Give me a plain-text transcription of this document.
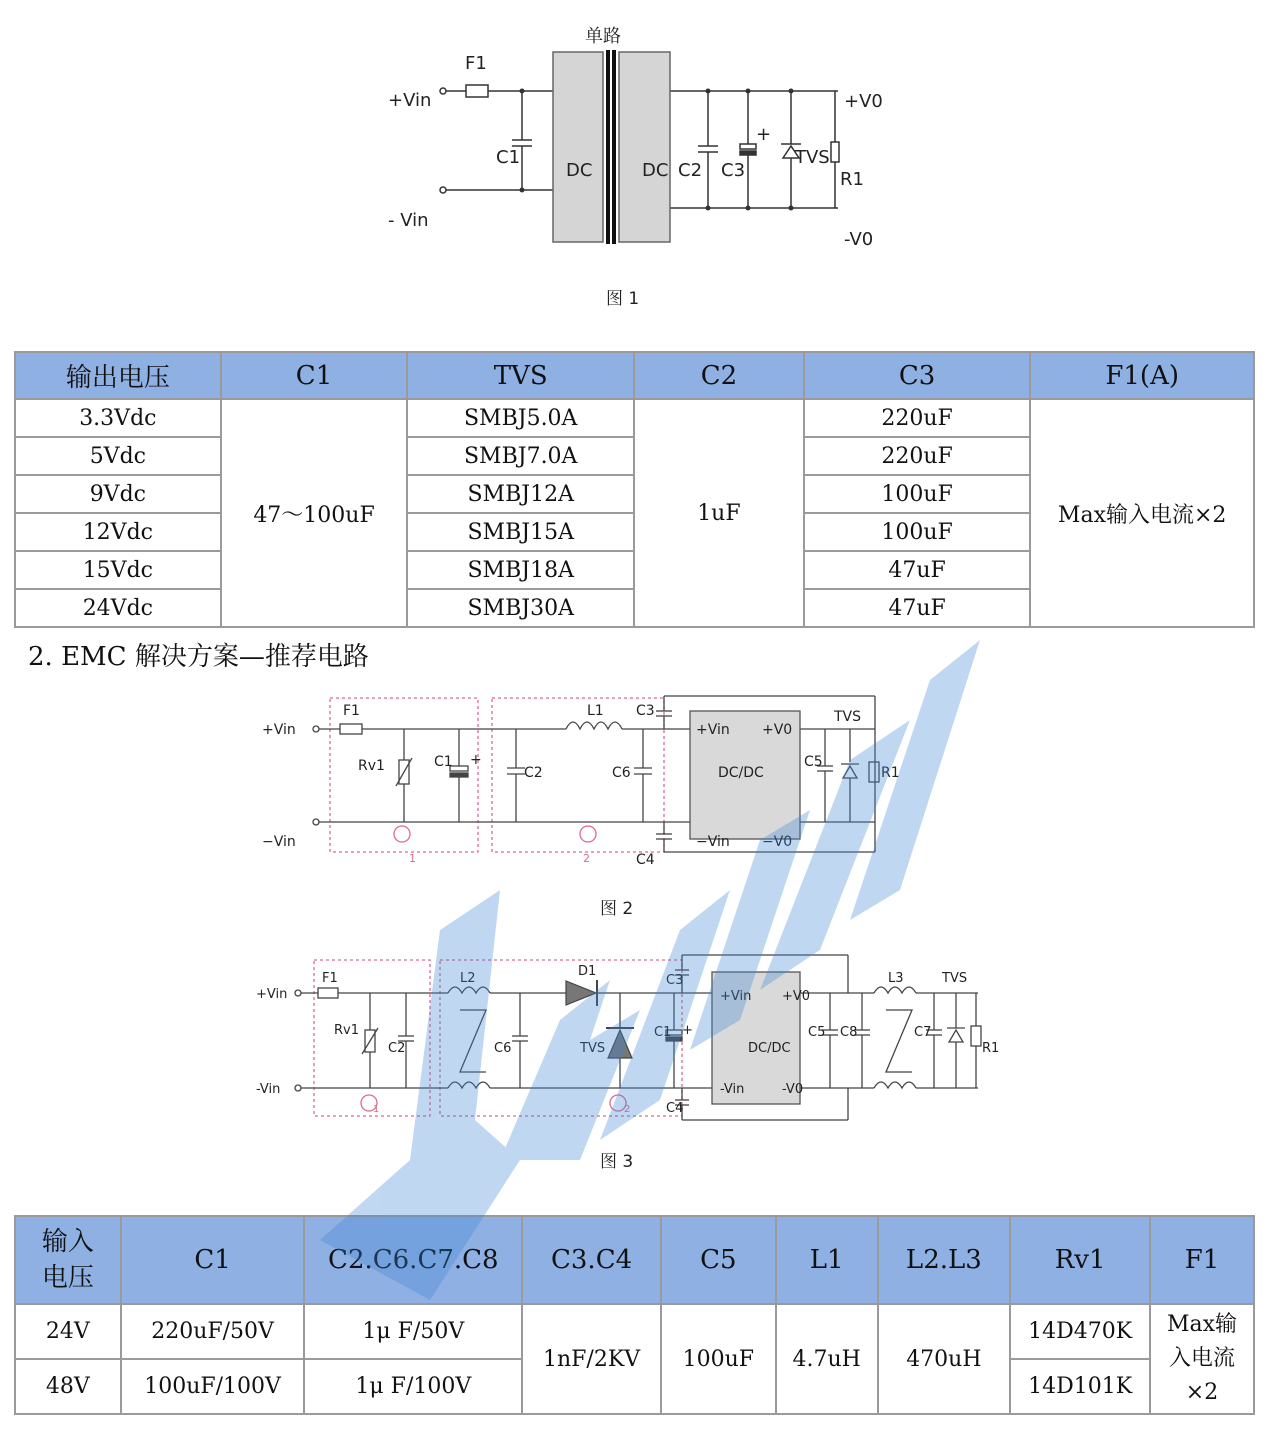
单路
F1
+Vin
- Vin
C1
DC	DC C2 C3
+
TVS
R1
+V0
-V0
图 1
输出电压	C1	TVS	C2	C3	F1(A)
3.3Vdc	47～100uF	SMBJ5.0A	1uF	220uF	Max输入电流×2
5Vdc		SMBJ7.0A		220uF	
9Vdc		SMBJ12A		100uF	
12Vdc		SMBJ15A		100uF	
15Vdc		SMBJ18A		47uF	
24Vdc		SMBJ30A		47uF	
2. EMC 解决方案—推荐电路
+Vin
−Vin
F1
Rv1	C1 +
L1 C3
C2	C6
C4
+Vin +V0
DC/DC
−Vin −V0
TVS
C5
R1
1	2
图 2
+Vin
-Vin
F1
Rv1
C2
L2
C6
D1
TVS
C3
C1 +
C4
+Vin +V0
DC/DC
-Vin	-V0
C5 C8
L3
C7
TVS
R1
1	2
图 3
输入电压	C1	C2.C6.C7.C8	C3.C4	C5	L1	L2.L3	Rv1	F1
24V	220uF/50V	1μ F/50V	1nF/2KV	100uF	4.7uH	470uH	14D470K	Max输入电流×2
48V	100uF/100V	1μ F/100V					14D101K	
